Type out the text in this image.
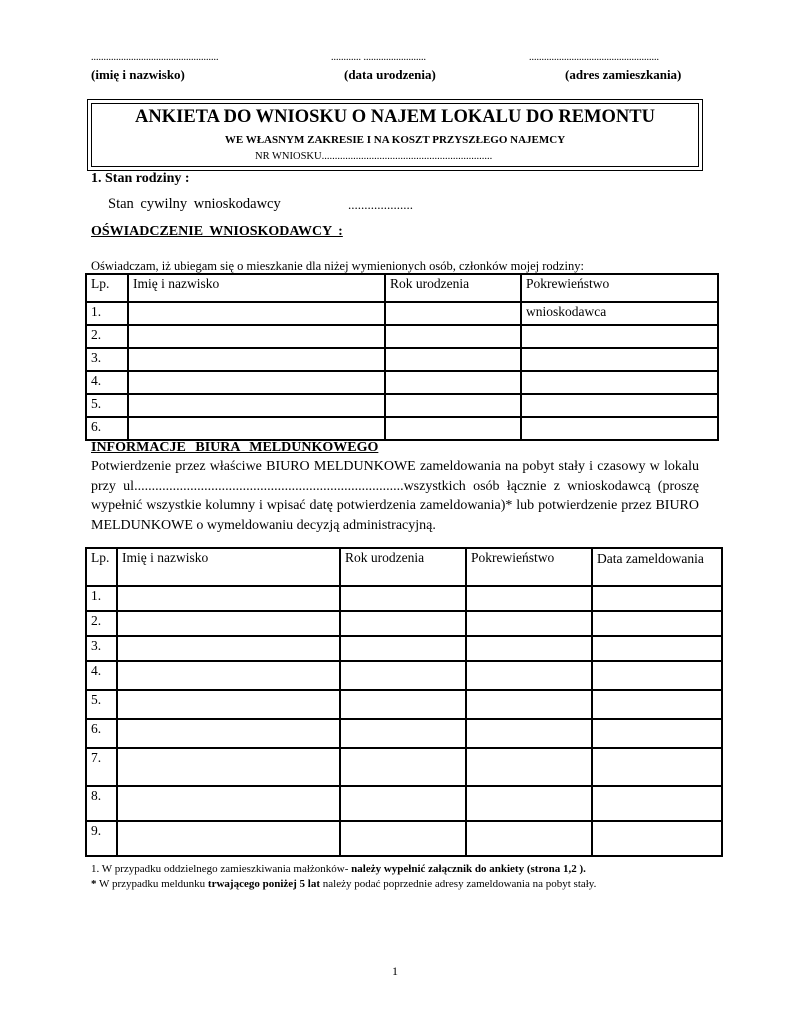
...................................................	............ .........................	....................................................
(imię i nazwisko)	(data urodzenia)	(adres zamieszkania)
ANKIETA DO WNIOSKU O NAJEM LOKALU DO REMONTU
WE WŁASNYM ZAKRESIE I NA KOSZT PRZYSZŁEGO NAJEMCY
NR WNIOSKU.................................................................
1. Stan rodziny :
Stan cywilny wnioskodawcy	....................
OŚWIADCZENIE WNIOSKODAWCY :
Oświadczam, iż ubiegam się o mieszkanie dla niżej wymienionych osób, członków mojej rodziny:
Lp.	Imię i nazwisko	Rok urodzenia	Pokrewieństwo
1.			wnioskodawca
2.			
3.			
4.			
5.			
6.			
INFORMACJE BIURA MELDUNKOWEGO
Potwierdzenie przez właściwe BIURO MELDUNKOWE zameldowania na pobyt stały i czasowy w lokalu przy ul.............................................................................wszystkich osób łącznie z wnioskodawcą (proszę wypełnić wszystkie kolumny i wpisać datę potwierdzenia zameldowania)* lub potwierdzenie przez BIURO MELDUNKOWE o wymeldowaniu decyzją administracyjną.
Lp.	Imię i nazwisko	Rok urodzenia	Pokrewieństwo	Data zameldowania
1.				
2.				
3.				
4.				
5.				
6.				
7.				
8.				
9.				
1. W przypadku oddzielnego zamieszkiwania małżonków- należy wypełnić załącznik do ankiety (strona 1,2 ).
* W przypadku meldunku trwającego poniżej 5 lat należy podać poprzednie adresy zameldowania na pobyt stały.
1
